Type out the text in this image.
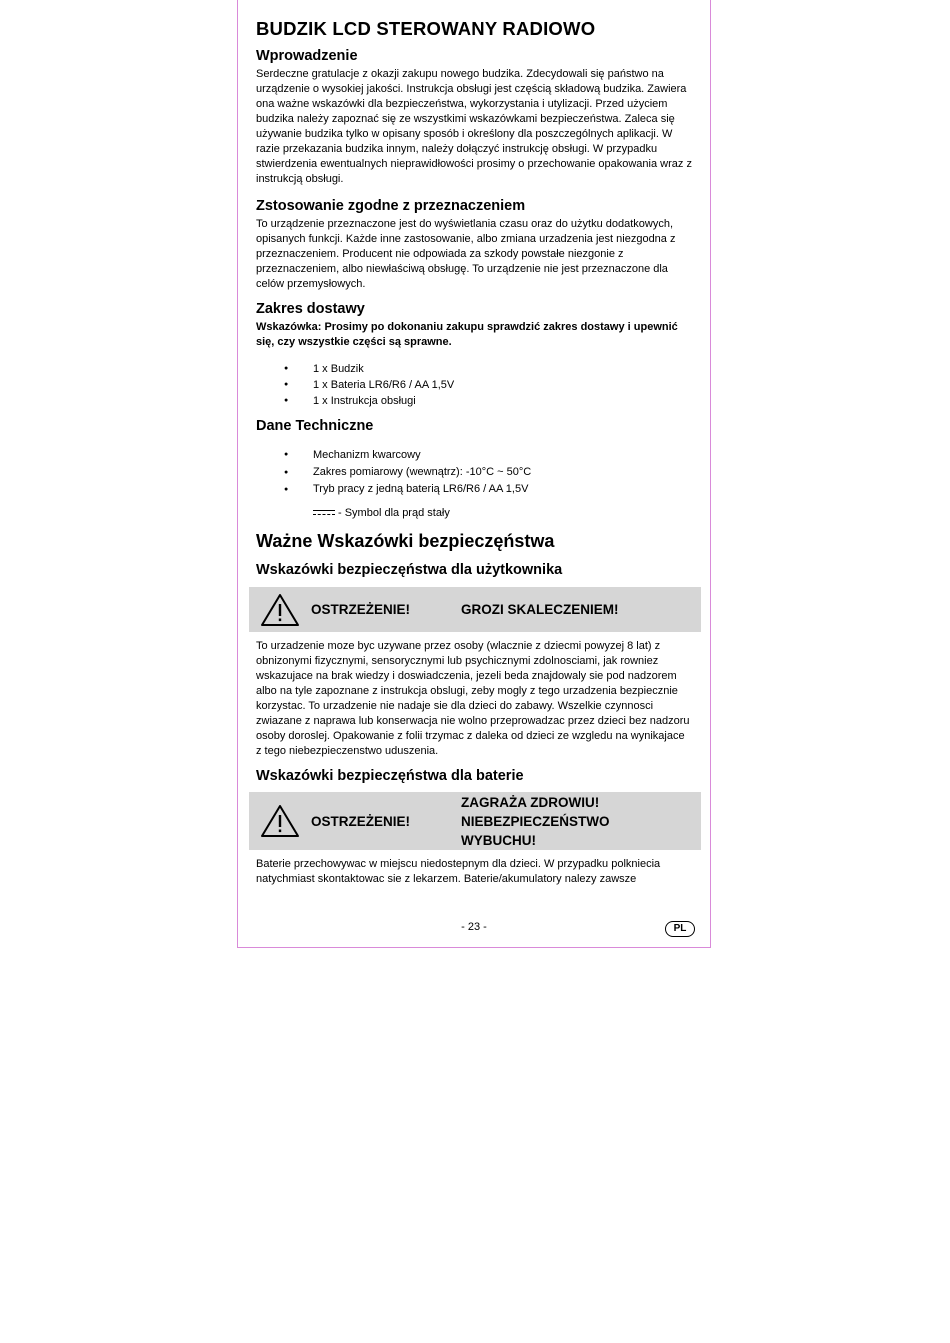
BUDZIK LCD STEROWANY RADIOWO
Wprowadzenie

Serdeczne gratulacje z okazji zakupu nowego budzika. Zdecydowali się państwo na urządzenie o wysokiej jakości. Instrukcja obsługi jest częścią składową budzika. Zawiera ona ważne wskazówki dla bezpieczeństwa, wykorzystania i utylizacji. Przed użyciem budzika należy zapoznać się ze wszystkimi wskazówkami bezpieczeństwa. Zaleca się używanie budzika tylko w opisany sposób i określony dla poszczególnych aplikacji. W razie przekazania budzika innym, należy dołączyć instrukcję obsługi. W przypadku stwierdzenia ewentualnych nieprawidłowości prosimy o przechowanie opakowania wraz z instrukcją obsługi.

Zstosowanie zgodne z przeznaczeniem

To urządzenie przeznaczone jest do wyświetlania czasu oraz do użytku dodatkowych, opisanych funkcji. Każde inne zastosowanie, albo zmiana urzadzenia jest niezgodna z przeznaczeniem. Producent nie odpowiada za szkody powstałe niezgonie z przeznaczeniem, albo niewłaściwą obsługę. To urządzenie nie jest przeznaczone dla celów przemysłowych.

Zakres dostawy

Wskazówka: Prosimy po dokonaniu zakupu sprawdzić zakres dostawy i upewnić się, czy wszystkie części są sprawne.

● 1 x Budzik
● 1 x Bateria LR6/R6 / AA 1,5V
● 1 x Instrukcja obsługi
Dane Techniczne
● Mechanizm kwarcowy
● Zakres pomiarowy (wewnątrz): -10°C ~ 50°C
● Tryb pracy z jedną baterią LR6/R6 / AA 1,5V
- Symbol dla prąd stały
Ważne Wskazówki bezpieczęństwa
Wskazówki bezpieczęństwa dla użytkownika
OSTRZEŻENIE!	GROZI SKALECZENIEM!

To urzadzenie moze byc uzywane przez osoby (wlacznie z dziecmi powyzej 8 lat) z obnizonymi fizycznymi, sensorycznymi lub psychicznymi zdolnosciami, jak rowniez wskazujace na brak wiedzy i doswiadczenia, jezeli beda znajdowaly sie pod nadzorem albo na tyle zapoznane z instrukcja obslugi, zeby mogly z tego urzadzenia bezpiecznie korzystac. To urzadzenie nie nadaje sie dla dzieci do zabawy. Wszelkie czynnosci zwiazane z naprawa lub konserwacja nie wolno przeprowadzac przez dzieci bez nadzoru osoby doroslej. Opakowanie z folii trzymac z daleka od dzieci ze wzgledu na wynikajace z tego niebezpieczenstwo uduszenia.

Wskazówki bezpieczęństwa dla baterie
OSTRZEŻENIE!
ZAGRAŻA ZDROWIU!
NIEBEZPIECZEŃSTWO
WYBUCHU!

Baterie przechowywac w miejscu niedostepnym dla dzieci. W przypadku polkniecia natychmiast skontaktowac sie z lekarzem. Baterie/akumulatory nalezy zawsze

- 23 -	PL
